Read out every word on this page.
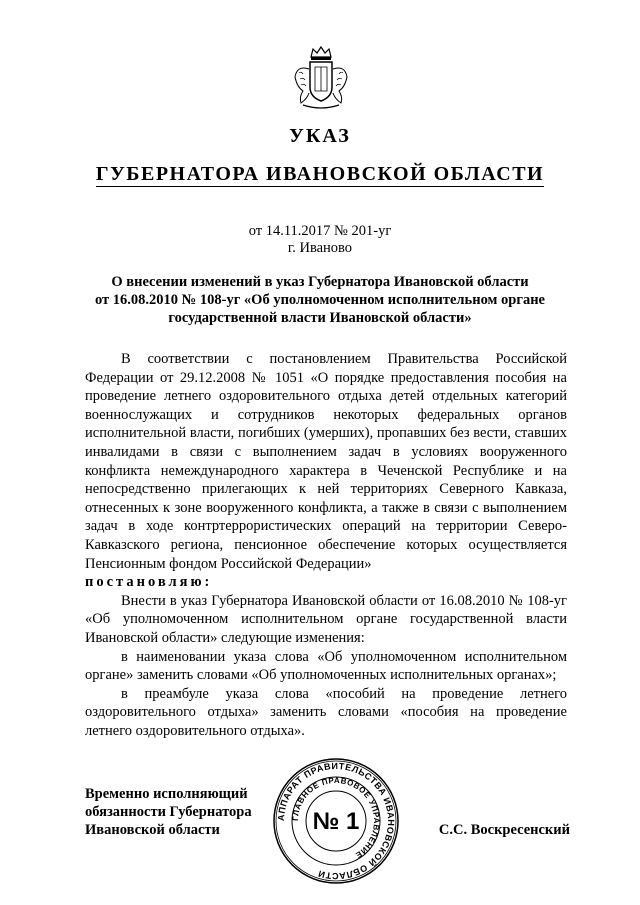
УКАЗ
ГУБЕРНАТОРА ИВАНОВСКОЙ ОБЛАСТИ
от 14.11.2017 № 201-уг
г. Иваново
О внесении изменений в указ Губернатора Ивановской области
от 16.08.2010 № 108-уг «Об уполномоченном исполнительном органе
государственной власти Ивановской области»

В соответствии с постановлением Правительства Российской Федерации от 29.12.2008 № 1051 «О порядке предоставления пособия на проведение летнего оздоровительного отдыха детей отдельных категорий военнослужащих и сотрудников некоторых федеральных органов исполнительной власти, погибших (умерших), пропавших без вести, ставших инвалидами в связи с выполнением задач в условиях вооруженного конфликта немеждународного характера в Чеченской Республике и на непосредственно прилегающих к ней территориях Северного Кавказа, отнесенных к зоне вооруженного конфликта, а также в связи с выполнением задач в ходе контртеррористических операций на территории Северо-Кавказского региона, пенсионное обеспечение которых осуществляется Пенсионным фондом Российской Федерации»

постановляю:

Внести в указ Губернатора Ивановской области от 16.08.2010 № 108-уг «Об уполномоченном исполнительном органе государственной власти Ивановской области» следующие изменения:

в наименовании указа слова «Об уполномоченном исполнительном органе» заменить словами «Об уполномоченных исполнительных органах»;

в преамбуле указа слова «пособий на проведение летнего оздоровительного отдыха» заменить словами «пособия на проведение летнего оздоровительного отдыха».

Временно исполняющий
обязанности Губернатора
Ивановской области
АППАРАТ ПРАВИТЕЛЬСТВА ИВАНОВСКОЙ ОБЛАСТИ
ГЛАВНОЕ ПРАВОВОЕ УПРАВЛЕНИЕ
№ 1	С.С. Воскресенский
